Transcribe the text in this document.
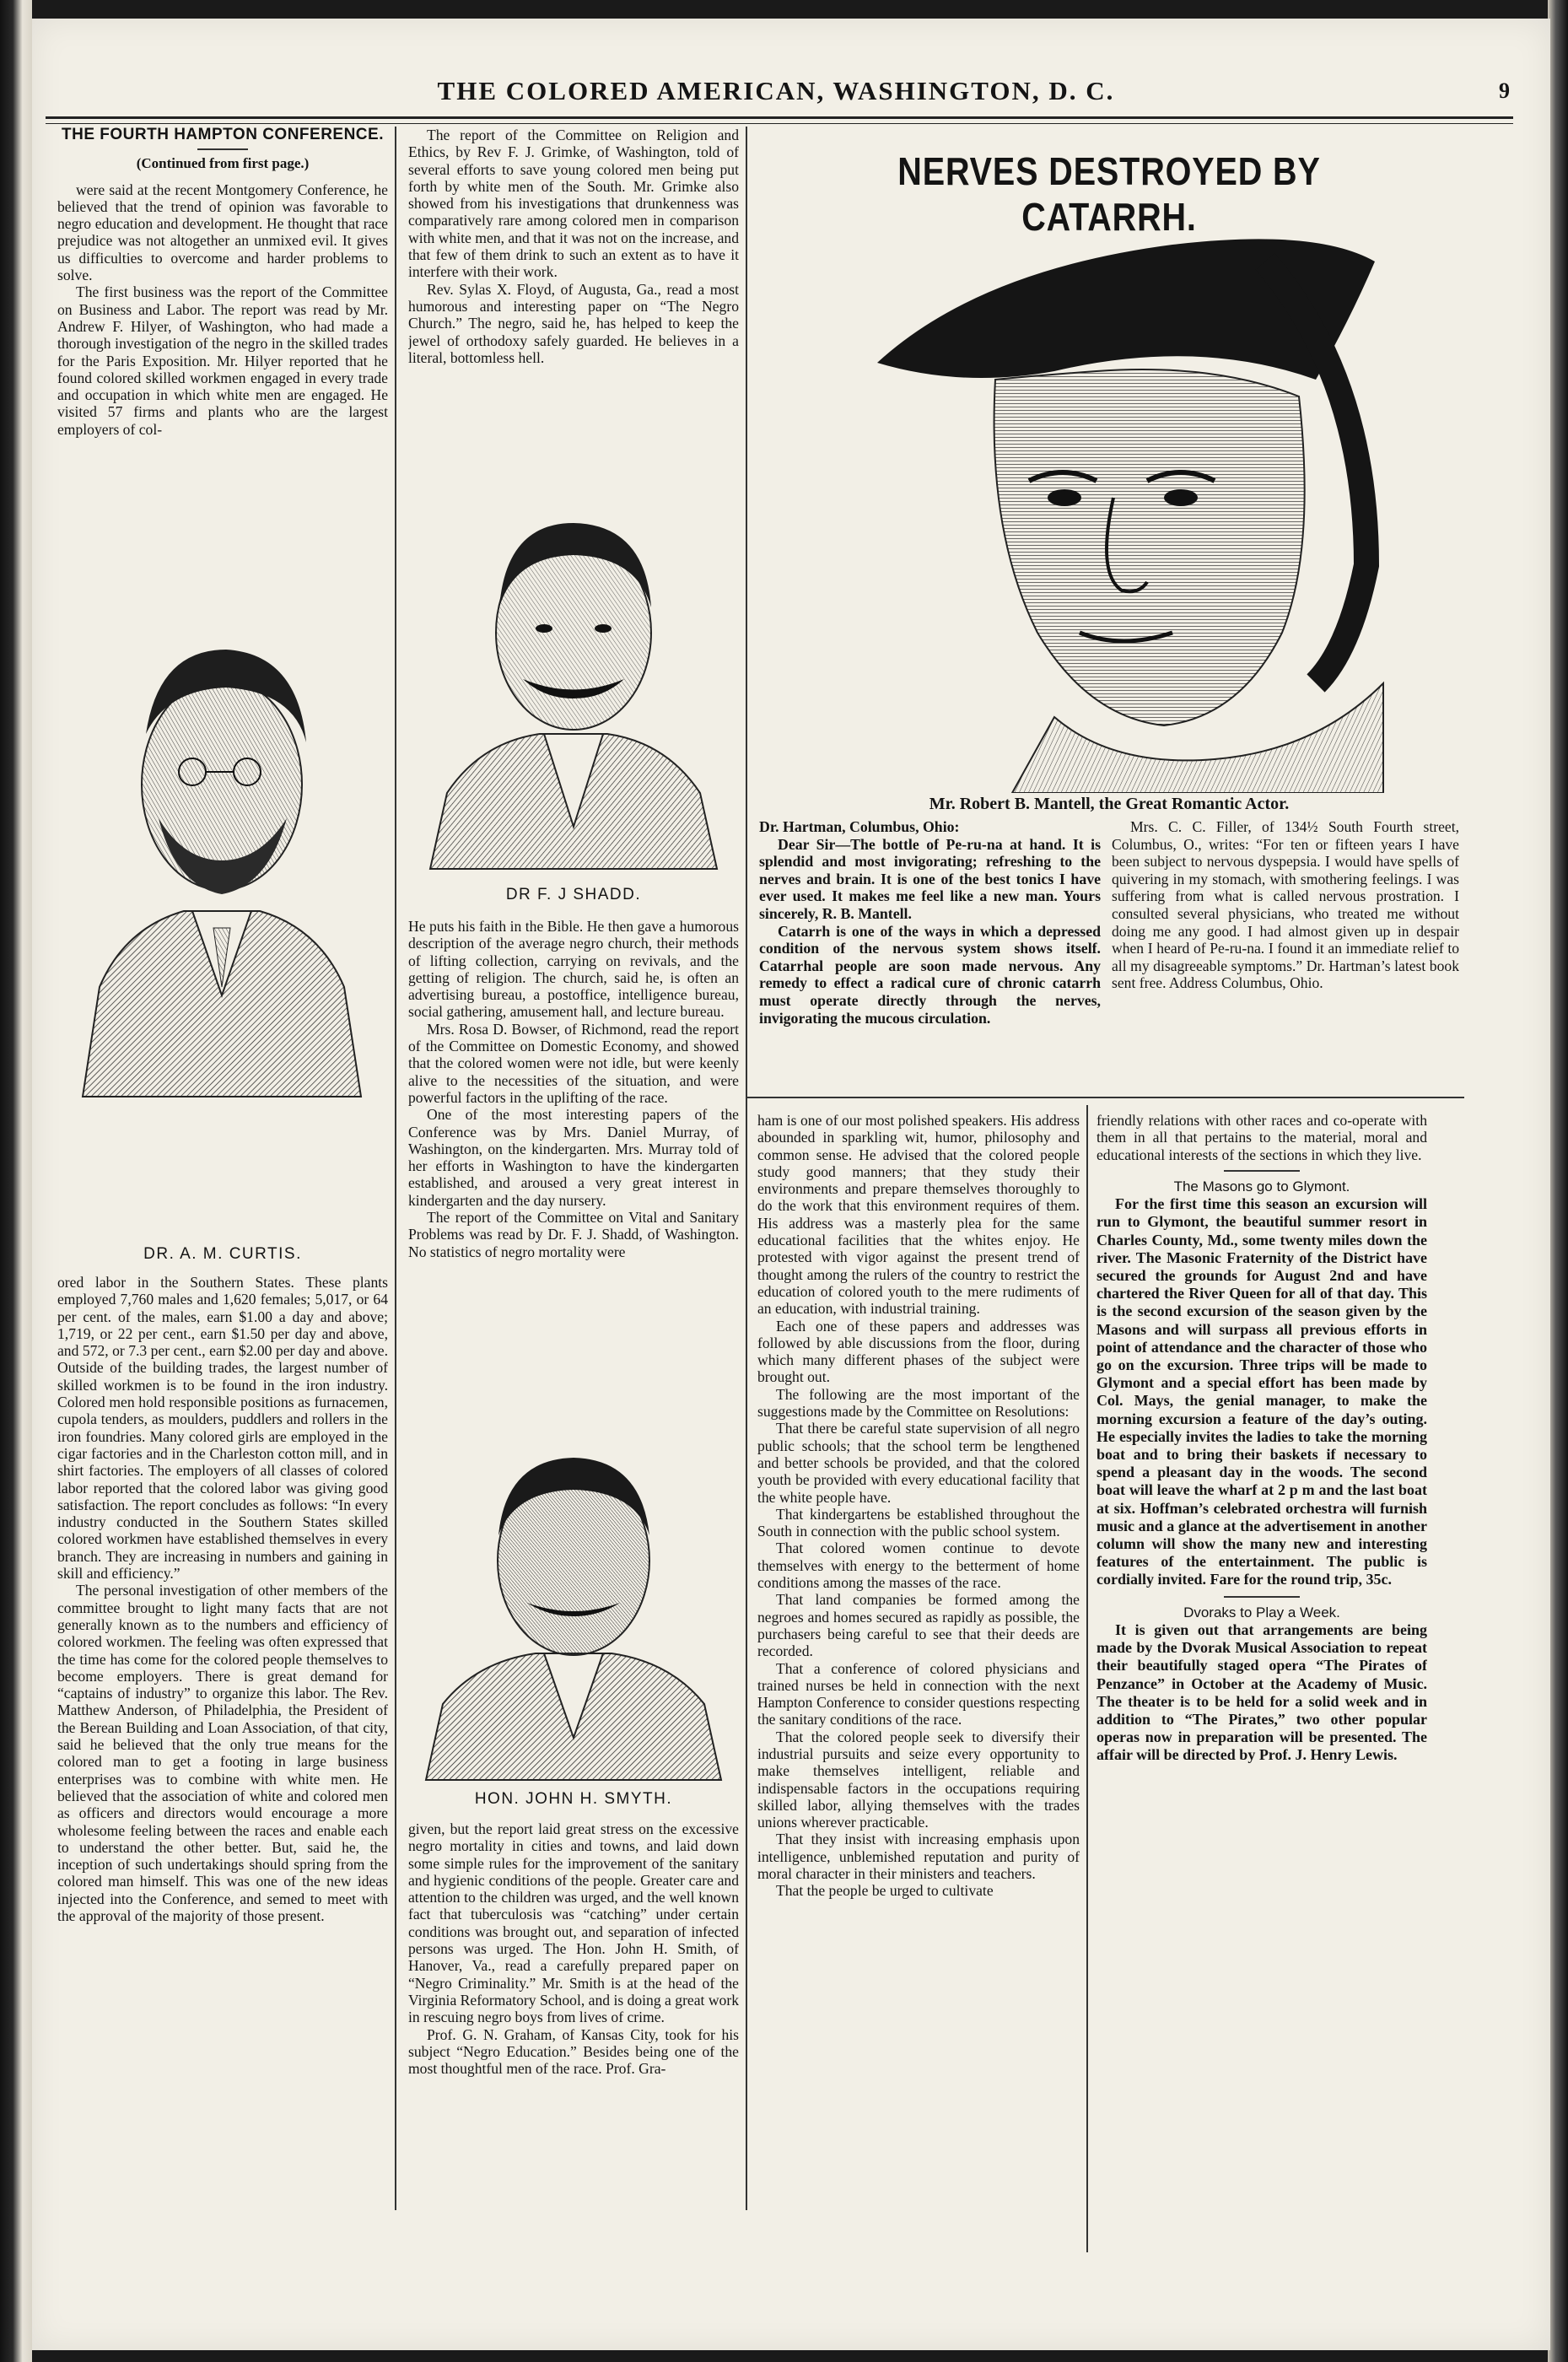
THE COLORED AMERICAN, WASHINGTON, D. C.	9

THE FOURTH HAMPTON CONFERENCE.

(Continued from first page.)

were said at the recent Montgomery Conference, he believed that the trend of opinion was favorable to negro education and development. He thought that race prejudice was not altogether an unmixed evil. It gives us difficulties to overcome and harder problems to solve.

The first business was the report of the Committee on Business and Labor. The report was read by Mr. Andrew F. Hilyer, of Washington, who had made a thorough investigation of the negro in the skilled trades for the Paris Exposition. Mr. Hilyer reported that he found colored skilled workmen engaged in every trade and occupation in which white men are engaged. He visited 57 firms and plants who are the largest employers of col-

DR. A. M. CURTIS.

ored labor in the Southern States. These plants employed 7,760 males and 1,620 females; 5,017, or 64 per cent. of the males, earn $1.00 a day and above; 1,719, or 22 per cent., earn $1.50 per day and above, and 572, or 7.3 per cent., earn $2.00 per day and above. Outside of the building trades, the largest number of skilled workmen is to be found in the iron industry. Colored men hold responsible positions as furnacemen, cupola tenders, as moulders, puddlers and rollers in the iron foundries. Many colored girls are employed in the cigar factories and in the Charleston cotton mill, and in shirt factories. The employers of all classes of colored labor reported that the colored labor was giving good satisfaction. The report concludes as follows: “In every industry conducted in the Southern States skilled colored workmen have established themselves in every branch. They are increasing in numbers and gaining in skill and efficiency.”

The personal investigation of other members of the committee brought to light many facts that are not generally known as to the numbers and efficiency of colored workmen. The feeling was often expressed that the time has come for the colored people themselves to become employers. There is great demand for “captains of industry” to organize this labor. The Rev. Matthew Anderson, of Philadelphia, the President of the Berean Building and Loan Association, of that city, said he believed that the only true means for the colored man to get a footing in large business enterprises was to combine with white men. He believed that the association of white and colored men as officers and directors would encourage a more wholesome feeling between the races and enable each to understand the other better. But, said he, the inception of such undertakings should spring from the colored man himself. This was one of the new ideas injected into the Conference, and semed to meet with the approval of the majority of those present.

The report of the Committee on Religion and Ethics, by Rev F. J. Grimke, of Washington, told of several efforts to save young colored men being put forth by white men of the South. Mr. Grimke also showed from his investigations that drunkenness was comparatively rare among colored men in comparison with white men, and that it was not on the increase, and that few of them drink to such an extent as to have it interfere with their work.

Rev. Sylas X. Floyd, of Augusta, Ga., read a most humorous and interesting paper on “The Negro Church.” The negro, said he, has helped to keep the jewel of orthodoxy safely guarded. He believes in a literal, bottomless hell.

DR F. J SHADD.

He puts his faith in the Bible. He then gave a humorous description of the average negro church, their methods of lifting collection, carrying on revivals, and the getting of religion. The church, said he, is often an advertising bureau, a postoffice, intelligence bureau, social gathering, amusement hall, and lecture bureau.

Mrs. Rosa D. Bowser, of Richmond, read the report of the Committee on Domestic Economy, and showed that the colored women were not idle, but were keenly alive to the necessities of the situation, and were powerful factors in the uplifting of the race.

One of the most interesting papers of the Conference was by Mrs. Daniel Murray, of Washington, on the kindergarten. Mrs. Murray told of her efforts in Washington to have the kindergarten established, and aroused a very great interest in kindergarten and the day nursery.

The report of the Committee on Vital and Sanitary Problems was read by Dr. F. J. Shadd, of Washington. No statistics of negro mortality were

HON. JOHN H. SMYTH.

given, but the report laid great stress on the excessive negro mortality in cities and towns, and laid down some simple rules for the improvement of the sanitary and hygienic conditions of the people. Greater care and attention to the children was urged, and the well known fact that tuberculosis was “catching” under certain conditions was brought out, and separation of infected persons was urged. The Hon. John H. Smith, of Hanover, Va., read a carefully prepared paper on “Negro Criminality.” Mr. Smith is at the head of the Virginia Reformatory School, and is doing a great work in rescuing negro boys from lives of crime.

Prof. G. N. Graham, of Kansas City, took for his subject “Negro Education.” Besides being one of the most thoughtful men of the race. Prof. Gra-

NERVES DESTROYED BY CATARRH.
Mr. Robert B. Mantell, the Great Romantic Actor.

Dr. Hartman, Columbus, Ohio:

Dear Sir—The bottle of Pe-ru-na at hand. It is splendid and most invigorating; refreshing to the nerves and brain. It is one of the best tonics I have ever used. It makes me feel like a new man. Yours sincerely, R. B. Mantell.

Catarrh is one of the ways in which a depressed condition of the nervous system shows itself. Catarrhal people are soon made nervous. Any remedy to effect a radical cure of chronic catarrh must operate directly through the nerves, invigorating the mucous circulation.

Mrs. C. C. Filler, of 134½ South Fourth street, Columbus, O., writes: “For ten or fifteen years I have been subject to nervous dyspepsia. I would have spells of quivering in my stomach, with smothering feelings. I was suffering from what is called nervous prostration. I consulted several physicians, who treated me without doing me any good. I had almost given up in despair when I heard of Pe-ru-na. I found it an immediate relief to all my disagreeable symptoms.” Dr. Hartman’s latest book sent free. Address Columbus, Ohio.

ham is one of our most polished speakers. His address abounded in sparkling wit, humor, philosophy and common sense. He advised that the colored people study good manners; that they study their environments and prepare themselves thoroughly to do the work that this environment requires of them. His address was a masterly plea for the same educational facilities that the whites enjoy. He protested with vigor against the present trend of thought among the rulers of the country to restrict the education of colored youth to the mere rudiments of an education, with industrial training.

Each one of these papers and addresses was followed by able discussions from the floor, during which many different phases of the subject were brought out.

The following are the most important of the suggestions made by the Committee on Resolutions:

That there be careful state supervision of all negro public schools; that the school term be lengthened and better schools be provided, and that the colored youth be provided with every educational facility that the white people have.

That kindergartens be established throughout the South in connection with the public school system.

That colored women continue to devote themselves with energy to the betterment of home conditions among the masses of the race.

That land companies be formed among the negroes and homes secured as rapidly as possible, the purchasers being careful to see that their deeds are recorded.

That a conference of colored physicians and trained nurses be held in connection with the next Hampton Conference to consider questions respecting the sanitary conditions of the race.

That the colored people seek to diversify their industrial pursuits and seize every opportunity to make themselves intelligent, reliable and indispensable factors in the occupations requiring skilled labor, allying themselves with the trades unions wherever practicable.

That they insist with increasing emphasis upon intelligence, unblemished reputation and purity of moral character in their ministers and teachers.

That the people be urged to cultivate

friendly relations with other races and co-operate with them in all that pertains to the material, moral and educational interests of the sections in which they live.

The Masons go to Glymont.

For the first time this season an excursion will run to Glymont, the beautiful summer resort in Charles County, Md., some twenty miles down the river. The Masonic Fraternity of the District have secured the grounds for August 2nd and have chartered the River Queen for all of that day. This is the second excursion of the season given by the Masons and will surpass all previous efforts in point of attendance and the character of those who go on the excursion. Three trips will be made to Glymont and a special effort has been made by Col. Mays, the genial manager, to make the morning excursion a feature of the day’s outing. He especially invites the ladies to take the morning boat and to bring their baskets if necessary to spend a pleasant day in the woods. The second boat will leave the wharf at 2 p m and the last boat at six. Hoffman’s celebrated orchestra will furnish music and a glance at the advertisement in another column will show the many new and interesting features of the entertainment. The public is cordially invited. Fare for the round trip, 35c.

Dvoraks to Play a Week.

It is given out that arrangements are being made by the Dvorak Musical Association to repeat their beautifully staged opera “The Pirates of Penzance” in October at the Academy of Music. The theater is to be held for a solid week and in addition to “The Pirates,” two other popular operas now in preparation will be presented. The affair will be directed by Prof. J. Henry Lewis.
